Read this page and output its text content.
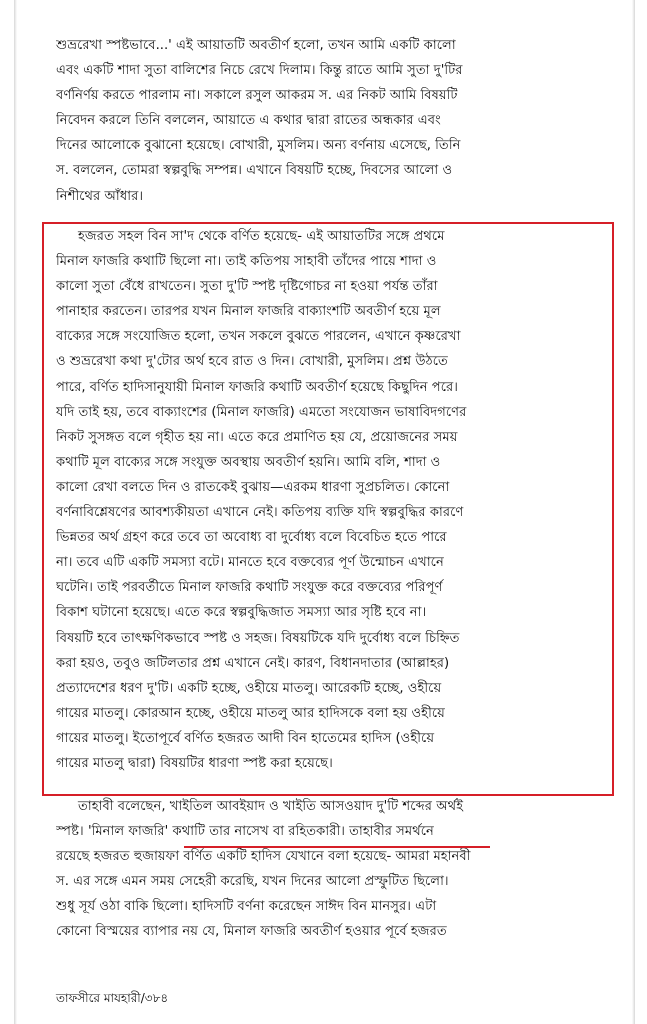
শুভ্ররেখা স্পষ্টভাবে...' এই আয়াতটি অবতীর্ণ হলো, তখন আমি একটি কালো
এবং একটি শাদা সুতা বালিশের নিচে রেখে দিলাম। কিন্তু রাতে আমি সুতা দু'টির
বর্ণনির্ণয় করতে পারলাম না। সকালে রসুল আকরম স. এর নিকট আমি বিষয়টি
নিবেদন করলে তিনি বললেন, আয়াতে এ কথার দ্বারা রাতের অন্ধকার এবং
দিনের আলোকে বুঝানো হয়েছে। বোখারী, মুসলিম। অন্য বর্ণনায় এসেছে, তিনি
স. বললেন, তোমরা স্বল্পবুদ্ধি সম্পন্ন। এখানে বিষয়টি হচ্ছে, দিবসের আলো ও
নিশীথের আঁধার।
হজরত সহল বিন সা'দ থেকে বর্ণিত হয়েছে- এই আয়াতটির সঙ্গে প্রথমে
মিনাল ফাজরি কথাটি ছিলো না। তাই কতিপয় সাহাবী তাঁদের পায়ে শাদা ও
কালো সুতা বেঁধে রাখতেন। সুতা দু'টি স্পষ্ট দৃষ্টিগোচর না হওয়া পর্যন্ত তাঁরা
পানাহার করতেন। তারপর যখন মিনাল ফাজরি বাক্যাংশটি অবতীর্ণ হয়ে মূল
বাক্যের সঙ্গে সংযোজিত হলো, তখন সকলে বুঝতে পারলেন, এখানে কৃষ্ণরেখা
ও শুভ্ররেখা কথা দু'টোর অর্থ হবে রাত ও দিন। বোখারী, মুসলিম। প্রশ্ন উঠতে
পারে, বর্ণিত হাদিসানুযায়ী মিনাল ফাজরি কথাটি অবতীর্ণ হয়েছে কিছুদিন পরে।
যদি তাই হয়, তবে বাক্যাংশের (মিনাল ফাজরি) এমতো সংযোজন ভাষাবিদগণের
নিকট সুসঙ্গত বলে গৃহীত হয় না। এতে করে প্রমাণিত হয় যে, প্রয়োজনের সময়
কথাটি মূল বাক্যের সঙ্গে সংযুক্ত অবস্থায় অবতীর্ণ হয়নি। আমি বলি, শাদা ও
কালো রেখা বলতে দিন ও রাতকেই বুঝায়—এরকম ধারণা সুপ্রচলিত। কোনো
বর্ণনাবিশ্লেষণের আবশ্যকীয়তা এখানে নেই। কতিপয় ব্যক্তি যদি স্বল্পবুদ্ধির কারণে
ভিন্নতর অর্থ গ্রহণ করে তবে তা অবোধ্য বা দুর্বোধ্য বলে বিবেচিত হতে পারে
না। তবে এটি একটি সমস্যা বটে। মানতে হবে বক্তব্যের পূর্ণ উন্মোচন এখানে
ঘটেনি। তাই পরবর্তীতে মিনাল ফাজরি কথাটি সংযুক্ত করে বক্তব্যের পরিপূর্ণ
বিকাশ ঘটানো হয়েছে। এতে করে স্বল্পবুদ্ধিজাত সমস্যা আর সৃষ্টি হবে না।
বিষয়টি হবে তাৎক্ষণিকভাবে স্পষ্ট ও সহজ। বিষয়টিকে যদি দুর্বোধ্য বলে চিহ্নিত
করা হয়ও, তবুও জটিলতার প্রশ্ন এখানে নেই। কারণ, বিধানদাতার (আল্লাহর)
প্রত্যাদেশের ধরণ দু'টি। একটি হচ্ছে, ওহীয়ে মাতলু। আরেকটি হচ্ছে, ওহীয়ে
গায়ের মাতলু। কোরআন হচ্ছে, ওহীয়ে মাতলু আর হাদিসকে বলা হয় ওহীয়ে
গায়ের মাতলু। ইতোপূর্বে বর্ণিত হজরত আদী বিন হাতেমের হাদিস (ওহীয়ে
গায়ের মাতলু দ্বারা) বিষয়টির ধারণা স্পষ্ট করা হয়েছে।
তাহাবী বলেছেন, খাইতিল আবইয়াদ ও খাইতি আসওয়াদ দু'টি শব্দের অর্থই
স্পষ্ট। 'মিনাল ফাজরি' কথাটি তার নাসেখ বা রহিতকারী। তাহাবীর সমর্থনে
রয়েছে হজরত হুজায়ফা বর্ণিত একটি হাদিস যেখানে বলা হয়েছে- আমরা মহানবী
স. এর সঙ্গে এমন সময় সেহেরী করেছি, যখন দিনের আলো প্রস্ফুটিত ছিলো।
শুধু সূর্য ওঠা বাকি ছিলো। হাদিসটি বর্ণনা করেছেন সাঈদ বিন মানসুর। এটা
কোনো বিস্ময়ের ব্যাপার নয় যে, মিনাল ফাজরি অবতীর্ণ হওয়ার পূর্বে হজরত
তাফসীরে মাযহারী/৩৮৪
